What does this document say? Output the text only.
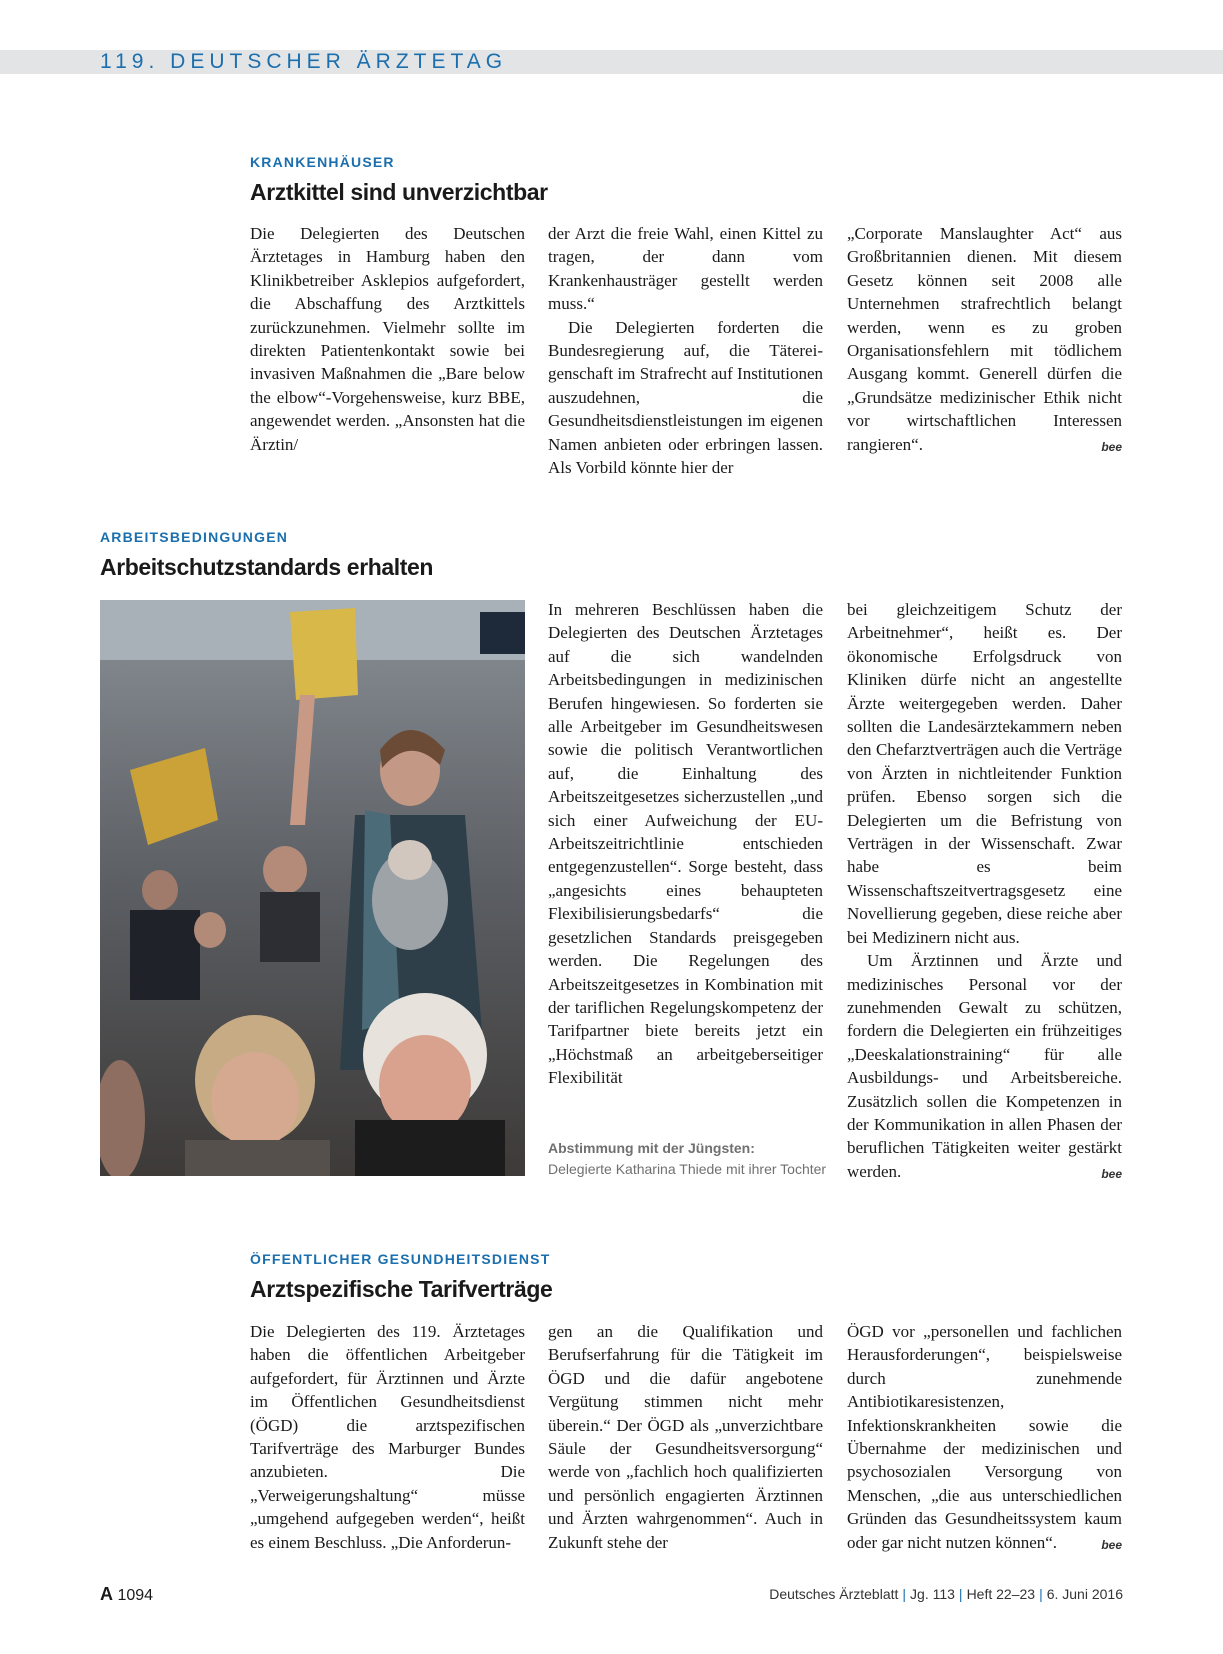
119. DEUTSCHER ÄRZTETAG
KRANKENHÄUSER
Arztkittel sind unverzichtbar

Die Delegierten des Deutschen Ärztetages in Hamburg haben den Klinikbetreiber Asklepios aufgefordert, die Abschaffung des Arztkittels zurückzunehmen. Vielmehr sollte im direkten Patientenkontakt sowie bei invasiven Maßnahmen die „Bare below the elbow“-Vorgehensweise, kurz BBE, angewendet werden. „Ansonsten hat die Ärztin/

der Arzt die freie Wahl, einen Kittel zu tragen, der dann vom Krankenhausträger gestellt werden muss.“

Die Delegierten forderten die Bundesregierung auf, die Tätereigenschaft im Strafrecht auf Institutionen auszudehnen, die Gesundheitsdienstleistungen im eigenen Namen anbieten oder erbringen lassen. Als Vorbild könnte hier der

„Corporate Manslaughter Act“ aus Großbritannien dienen. Mit diesem Gesetz können seit 2008 alle Unternehmen strafrechtlich belangt werden, wenn es zu groben Organisationsfehlern mit tödlichem Ausgang kommt. Generell dürfen die „Grundsätze medizinischer Ethik nicht vor wirtschaftlichen Interessen rangieren“.	bee

ARBEITSBEDINGUNGEN
Arbeitschutzstandards erhalten

In mehreren Beschlüssen haben die Delegierten des Deutschen Ärztetages auf die sich wandelnden Arbeitsbedingungen in medizinischen Berufen hingewiesen. So forderten sie alle Arbeitgeber im Gesundheitswesen sowie die politisch Verantwortlichen auf, die Einhaltung des Arbeitszeitgesetzes sicherzustellen „und sich einer Aufweichung der EU-Arbeitszeitrichtlinie entschieden entgegenzustellen“. Sorge besteht, dass „angesichts eines behaupteten Flexibilisierungsbedarfs“ die gesetzlichen Standards preisgegeben werden. Die Regelungen des Arbeitszeitgesetzes in Kombination mit der tariflichen Regelungskompetenz der Tarifpartner biete bereits jetzt ein „Höchstmaß an arbeitgeberseitiger Flexibilität

Abstimmung mit der Jüngsten:
Delegierte Katharina Thiede mit ihrer Tochter

bei gleichzeitigem Schutz der Arbeitnehmer“, heißt es. Der ökonomische Erfolgsdruck von Kliniken dürfe nicht an angestellte Ärzte weitergegeben werden. Daher sollten die Landesärztekammern neben den Chefarztverträgen auch die Verträge von Ärzten in nichtleitender Funktion prüfen. Ebenso sorgen sich die Delegierten um die Befristung von Verträgen in der Wissenschaft. Zwar habe es beim Wissenschaftszeitvertragsgesetz eine Novellierung gegeben, diese reiche aber bei Medizinern nicht aus.

Um Ärztinnen und Ärzte und medizinisches Personal vor der zunehmenden Gewalt zu schützen, fordern die Delegierten ein frühzeitiges „Deeskalationstraining“ für alle Ausbildungs- und Arbeitsbereiche. Zusätzlich sollen die Kompetenzen in der Kommunikation in allen Phasen der beruflichen Tätigkeiten weiter gestärkt werden.	bee

ÖFFENTLICHER GESUNDHEITSDIENST
Arztspezifische Tarifverträge

Die Delegierten des 119. Ärztetages haben die öffentlichen Arbeitgeber aufgefordert, für Ärztinnen und Ärzte im Öffentlichen Gesundheitsdienst (ÖGD) die arztspezifischen Tarifverträge des Marburger Bundes anzubieten. Die „Verweigerungshaltung“ müsse „umgehend aufgegeben werden“, heißt es einem Beschluss. „Die Anforderun-

gen an die Qualifikation und Berufserfahrung für die Tätigkeit im ÖGD und die dafür angebotene Vergütung stimmen nicht mehr überein.“ Der ÖGD als „unverzichtbare Säule der Gesundheitsversorgung“ werde von „fachlich hoch qualifizierten und persönlich engagierten Ärztinnen und Ärzten wahrgenommen“. Auch in Zukunft stehe der

ÖGD vor „personellen und fachlichen Herausforderungen“, beispielsweise durch zunehmende Antibiotikaresistenzen, Infektionskrankheiten sowie die Übernahme der medizinischen und psychosozialen Versorgung von Menschen, „die aus unterschiedlichen Gründen das Gesundheitssystem kaum oder gar nicht nutzen können“.	bee

A 1094	Deutsches Ärzteblatt | Jg. 113 | Heft 22–23 | 6. Juni 2016
